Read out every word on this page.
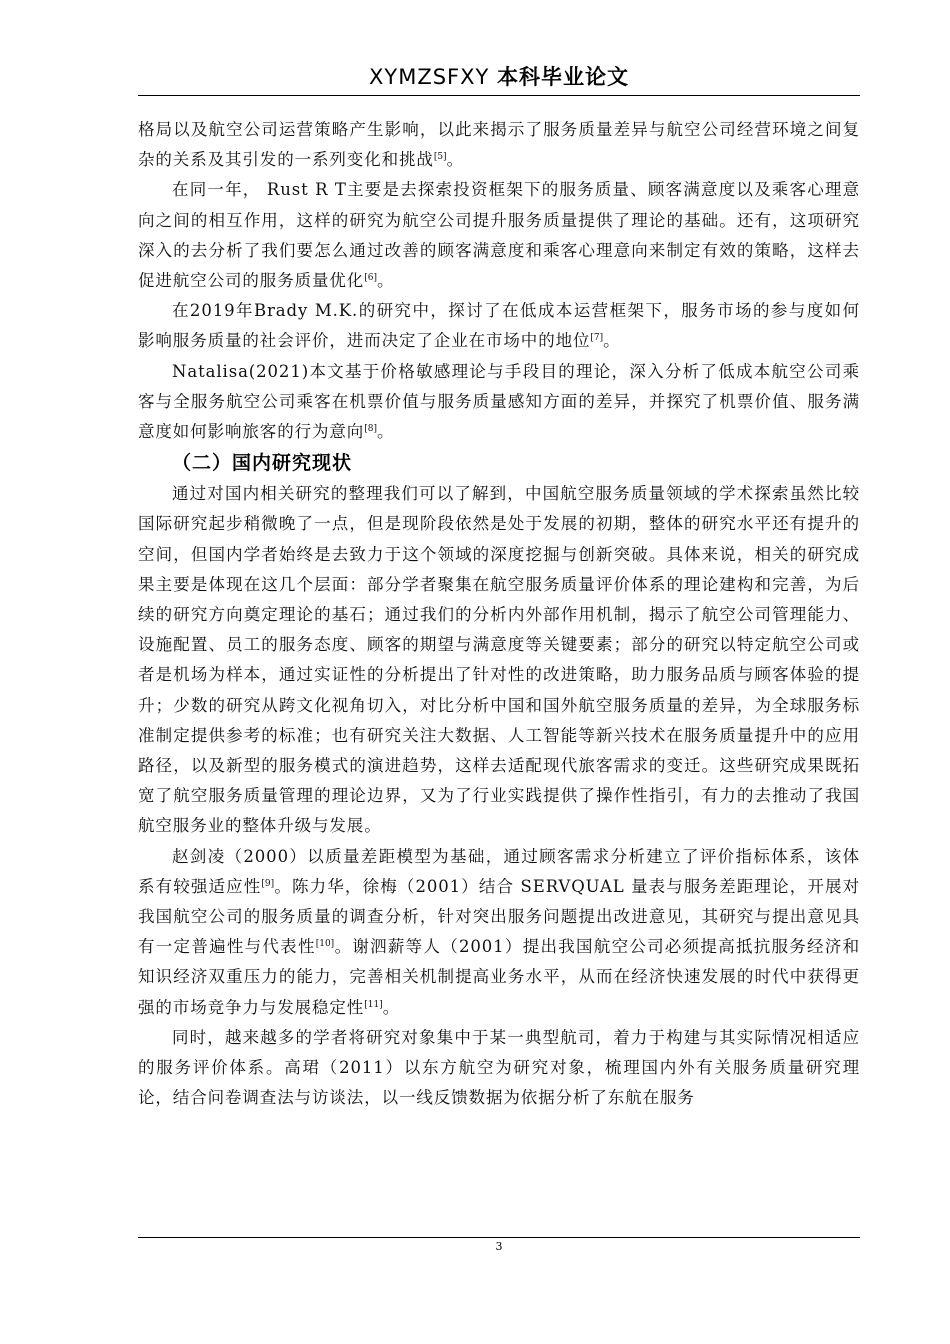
XYMZSFXY 本科毕业论文

格局以及航空公司运营策略产生影响，以此来揭示了服务质量差异与航空公司经营环境之间复杂的关系及其引发的一系列变化和挑战[5]。

在同一年， Rust R T主要是去探索投资框架下的服务质量、顾客满意度以及乘客心理意向之间的相互作用，这样的研究为航空公司提升服务质量提供了理论的基础。还有，这项研究深入的去分析了我们要怎么通过改善的顾客满意度和乘客心理意向来制定有效的策略，这样去促进航空公司的服务质量优化[6]。

在2019年Brady M.K.的研究中，探讨了在低成本运营框架下，服务市场的参与度如何影响服务质量的社会评价，进而决定了企业在市场中的地位[7]。

Natalisa(2021)本文基于价格敏感理论与手段目的理论，深入分析了低成本航空公司乘客与全服务航空公司乘客在机票价值与服务质量感知方面的差异，并探究了机票价值、服务满意度如何影响旅客的行为意向[8]。

（二）国内研究现状

通过对国内相关研究的整理我们可以了解到，中国航空服务质量领域的学术探索虽然比较国际研究起步稍微晚了一点，但是现阶段依然是处于发展的初期，整体的研究水平还有提升的空间，但国内学者始终是去致力于这个领域的深度挖掘与创新突破。具体来说，相关的研究成果主要是体现在这几个层面：部分学者聚集在航空服务质量评价体系的理论建构和完善，为后续的研究方向奠定理论的基石；通过我们的分析内外部作用机制，揭示了航空公司管理能力、设施配置、员工的服务态度、顾客的期望与满意度等关键要素；部分的研究以特定航空公司或者是机场为样本，通过实证性的分析提出了针对性的改进策略，助力服务品质与顾客体验的提升；少数的研究从跨文化视角切入，对比分析中国和国外航空服务质量的差异，为全球服务标准制定提供参考的标准；也有研究关注大数据、人工智能等新兴技术在服务质量提升中的应用路径，以及新型的服务模式的演进趋势，这样去适配现代旅客需求的变迁。这些研究成果既拓宽了航空服务质量管理的理论边界，又为了行业实践提供了操作性指引，有力的去推动了我国航空服务业的整体升级与发展。

赵剑凌（2000）以质量差距模型为基础，通过顾客需求分析建立了评价指标体系，该体系有较强适应性[9]。陈力华，徐梅（2001）结合 SERVQUAL 量表与服务差距理论，开展对我国航空公司的服务质量的调查分析，针对突出服务问题提出改进意见，其研究与提出意见具有一定普遍性与代表性[10]。谢泗薪等人（2001）提出我国航空公司必须提高抵抗服务经济和知识经济双重压力的能力，完善相关机制提高业务水平，从而在经济快速发展的时代中获得更强的市场竞争力与发展稳定性[11]。

同时，越来越多的学者将研究对象集中于某一典型航司，着力于构建与其实际情况相适应的服务评价体系。高珺（2011）以东方航空为研究对象，梳理国内外有关服务质量研究理论，结合问卷调查法与访谈法，以一线反馈数据为依据分析了东航在服务

3
